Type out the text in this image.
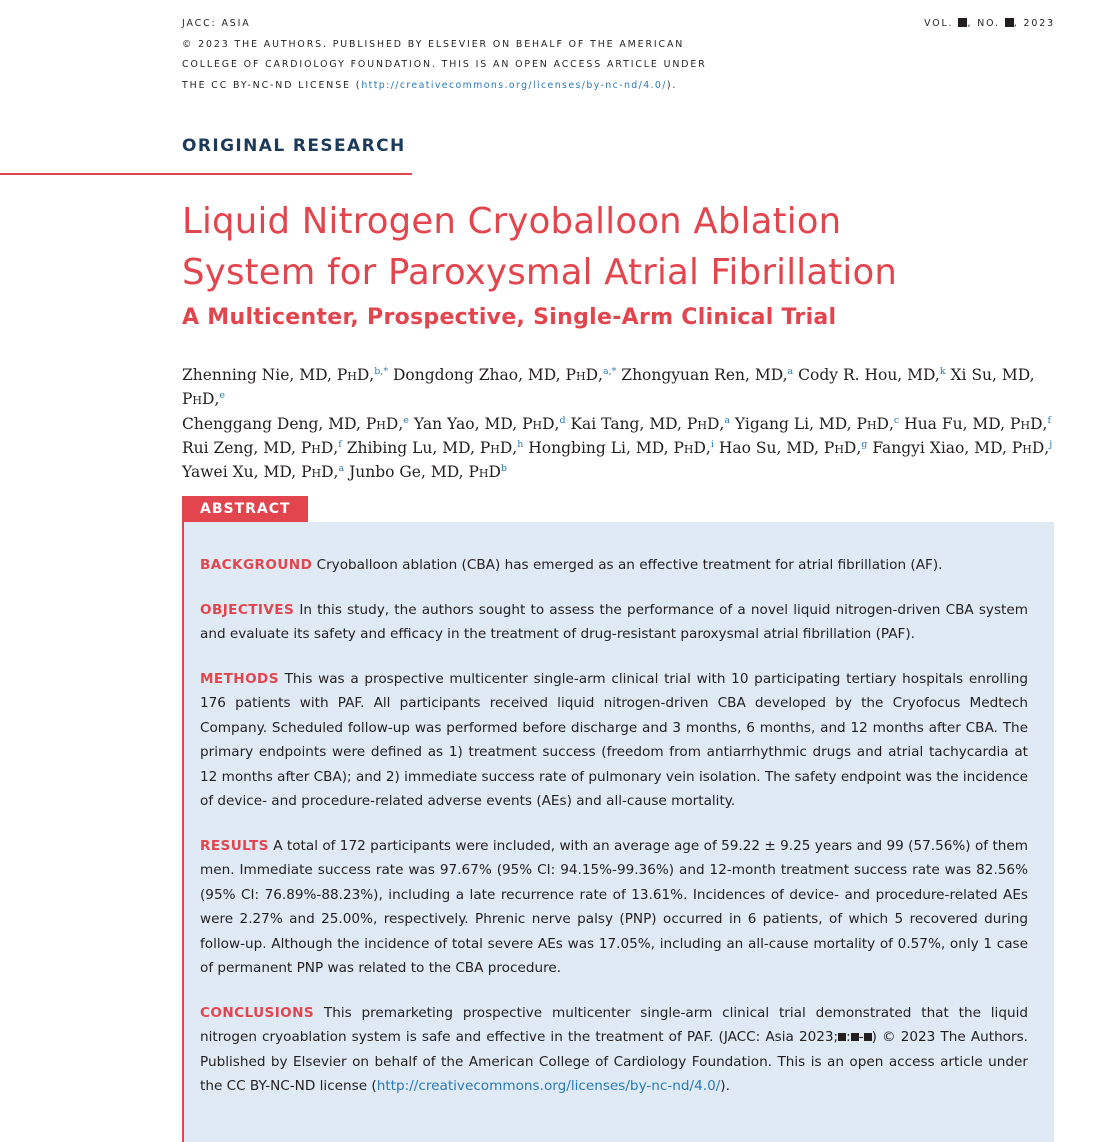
JACC: ASIA
© 2023 THE AUTHORS. PUBLISHED BY ELSEVIER ON BEHALF OF THE AMERICAN
COLLEGE OF CARDIOLOGY FOUNDATION. THIS IS AN OPEN ACCESS ARTICLE UNDER
THE CC BY-NC-ND LICENSE (http://creativecommons.org/licenses/by-nc-nd/4.0/).
VOL. , NO. , 2023
ORIGINAL RESEARCH
Liquid Nitrogen Cryoballoon Ablation
System for Paroxysmal Atrial Fibrillation
A Multicenter, Prospective, Single-Arm Clinical Trial
Zhenning Nie, MD, PhD,$^{b,*}$ Dongdong Zhao, MD, PhD,$^{a,*}$ Zhongyuan Ren, MD,$^a$ Cody R. Hou, MD,$^k$ Xi Su, MD, PhD,$^e$
Chenggang Deng, MD, PhD,$^e$ Yan Yao, MD, PhD,$^d$ Kai Tang, MD, PhD,$^a$ Yigang Li, MD, PhD,$^c$ Hua Fu, MD, PhD,$^f$
Rui Zeng, MD, PhD,$^f$ Zhibing Lu, MD, PhD,$^h$ Hongbing Li, MD, PhD,$^i$ Hao Su, MD, PhD,$^g$ Fangyi Xiao, MD, PhD,$^j$
Yawei Xu, MD, PhD,$^a$ Junbo Ge, MD, PhD$^b$
ABSTRACT

BACKGROUND Cryoballoon ablation (CBA) has emerged as an effective treatment for atrial fibrillation (AF).

OBJECTIVES In this study, the authors sought to assess the performance of a novel liquid nitrogen-driven CBA system and evaluate its safety and efficacy in the treatment of drug-resistant paroxysmal atrial fibrillation (PAF).

METHODS This was a prospective multicenter single-arm clinical trial with 10 participating tertiary hospitals enrolling 176 patients with PAF. All participants received liquid nitrogen-driven CBA developed by the Cryofocus Medtech Company. Scheduled follow-up was performed before discharge and 3 months, 6 months, and 12 months after CBA. The primary endpoints were defined as 1) treatment success (freedom from antiarrhythmic drugs and atrial tachycardia at 12 months after CBA); and 2) immediate success rate of pulmonary vein isolation. The safety endpoint was the incidence of device- and procedure-related adverse events (AEs) and all-cause mortality.

RESULTS A total of 172 participants were included, with an average age of 59.22 ± 9.25 years and 99 (57.56%) of them men. Immediate success rate was 97.67% (95% CI: 94.15%-99.36%) and 12-month treatment success rate was 82.56% (95% CI: 76.89%-88.23%), including a late recurrence rate of 13.61%. Incidences of device- and procedure-related AEs were 2.27% and 25.00%, respectively. Phrenic nerve palsy (PNP) occurred in 6 patients, of which 5 recovered during follow-up. Although the incidence of total severe AEs was 17.05%, including an all-cause mortality of 0.57%, only 1 case of permanent PNP was related to the CBA procedure.

CONCLUSIONS This premarketing prospective multicenter single-arm clinical trial demonstrated that the liquid nitrogen cryoablation system is safe and effective in the treatment of PAF. (JACC: Asia 2023; : - ) © 2023 The Authors. Published by Elsevier on behalf of the American College of Cardiology Foundation. This is an open access article under the CC BY-NC-ND license (http://creativecommons.org/licenses/by-nc-nd/4.0/).
